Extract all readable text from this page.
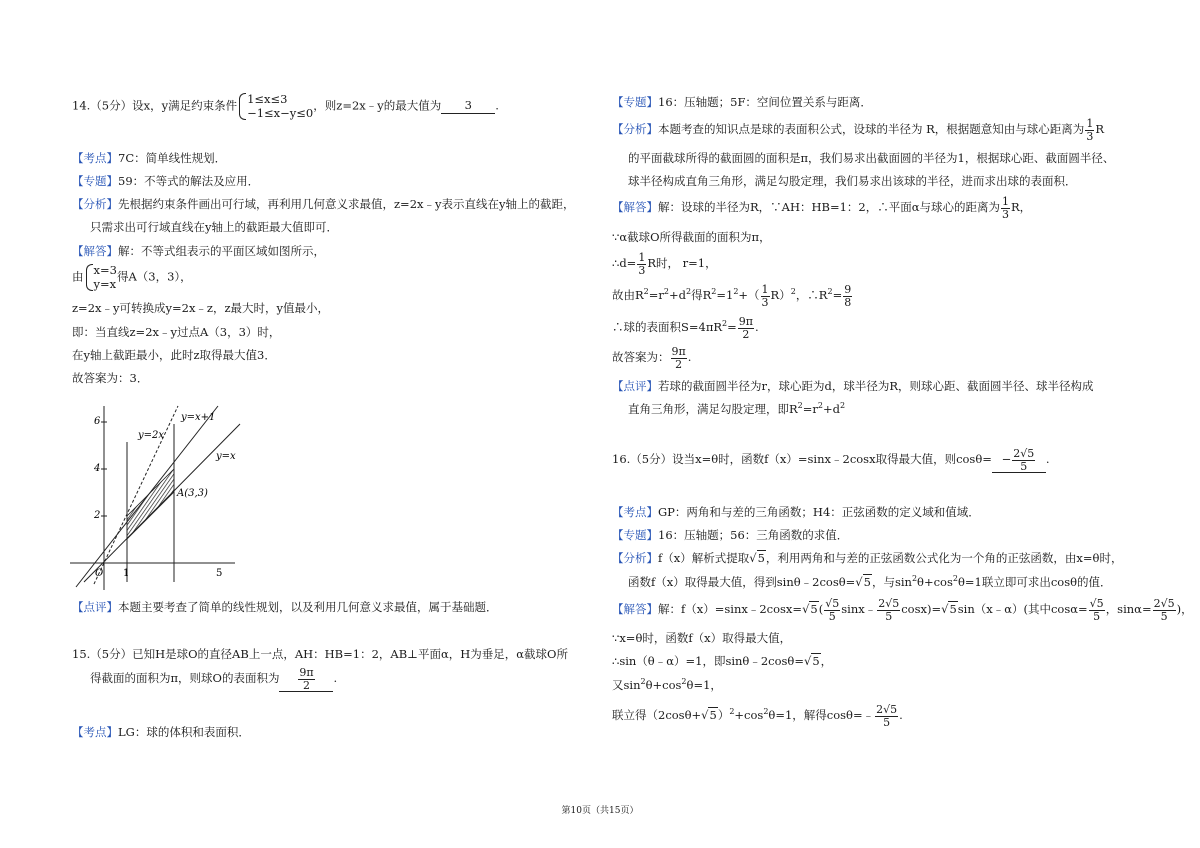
14.（5分）设x，y满足约束条件 1≤x≤3
−1≤x−y≤0
，则z=2x﹣y的最大值为 3 .
【考点】7C：简单线性规划．
【专题】59：不等式的解法及应用．
【分析】先根据约束条件画出可行域，再利用几何意义求最值，z=2x﹣y表示直线在y轴上的截距，
只需求出可行域直线在y轴上的截距最大值即可．
【解答】解：不等式组表示的平面区域如图所示，
由 x=3
y=x
得A（3，3），
z=2x﹣y可转换成y=2x﹣z，z最大时，y值最小，
即：当直线z=2x﹣y过点A（3，3）时，
在y轴上截距最小，此时z取得最大值3．
故答案为：3．
【点评】本题主要考查了简单的线性规划，以及利用几何意义求最值，属于基础题．
15.（5分）已知H是球O的直径AB上一点，AH：HB=1：2，AB⊥平面α，H为垂足，α截球O所
得截面的面积为π，则球O的表面积为 $\frac{9\pi}{2}$ .
【考点】LG：球的体积和表面积．
6
4
2
1	5
O
y=x+1
y=2x
y=x
A(3,3)
【专题】16：压轴题；5F：空间位置关系与距离．
【分析】本题考查的知识点是球的表面积公式，设球的半径为 R，根据题意知由与球心距离为 $\frac{1}{3}$ R
的平面截球所得的截面圆的面积是π，我们易求出截面圆的半径为1，根据球心距、截面圆半径、
球半径构成直角三角形，满足勾股定理，我们易求出该球的半径，进而求出球的表面积．
【解答】解：设球的半径为R，∵AH：HB=1：2，∴平面α与球心的距离为 $\frac{1}{3}$ R，
∵α截球O所得截面的面积为π，
∴d= $\frac{1}{3}$ R时， r=1，
故由$R^2=r^2+d^2$得$R^2=1^2+( \frac{1}{3} R)^2$，$\therefore R^2= \frac{9}{8}$
∴球的表面积$S=4\pi R^2= \frac{9\pi}{2}$ .
故答案为： $\frac{9\pi}{2}$ .
【点评】若球的截面圆半径为r，球心距为d，球半径为R，则球心距、截面圆半径、球半径构成
直角三角形，满足勾股定理，即$R^2=r^2+d^2$
16.（5分）设当x=θ时，函数f（x）=sinx﹣2cosx取得最大值，则$\cos\theta= - \frac{2√5}{5}$ .
【考点】GP：两角和与差的三角函数；H4：正弦函数的定义域和值域．
【专题】16：压轴题；56：三角函数的求值．
【分析】f（x）解析式提取√5，利用两角和与差的正弦函数公式化为一个角的正弦函数，由x=θ时，
函数f（x）取得最大值，得到sinθ﹣2cosθ=√5，与$\sin^2\theta+\cos^2\theta=1$联立即可求出cosθ的值．
【解答】解：f（x）=sinx﹣2cosx=√5( $\frac{√5}{5}$ sinx﹣ $\frac{2√5}{5}$ cosx)=√5sin（x﹣α）(其中$\cos\alpha= \frac{√5}{5}$ ，$\sin\alpha= \frac{2√5}{5}$ )，
∵x=θ时，函数f（x）取得最大值，
∴sin（θ﹣α）=1，即sinθ﹣2cosθ=√5，
又$\sin^2\theta+\cos^2\theta=1$，
联立得$(2\cos\theta+√5)^2+\cos^2\theta=1$，解得cosθ=﹣ $\frac{2√5}{5}$ .
第10页（共15页）
